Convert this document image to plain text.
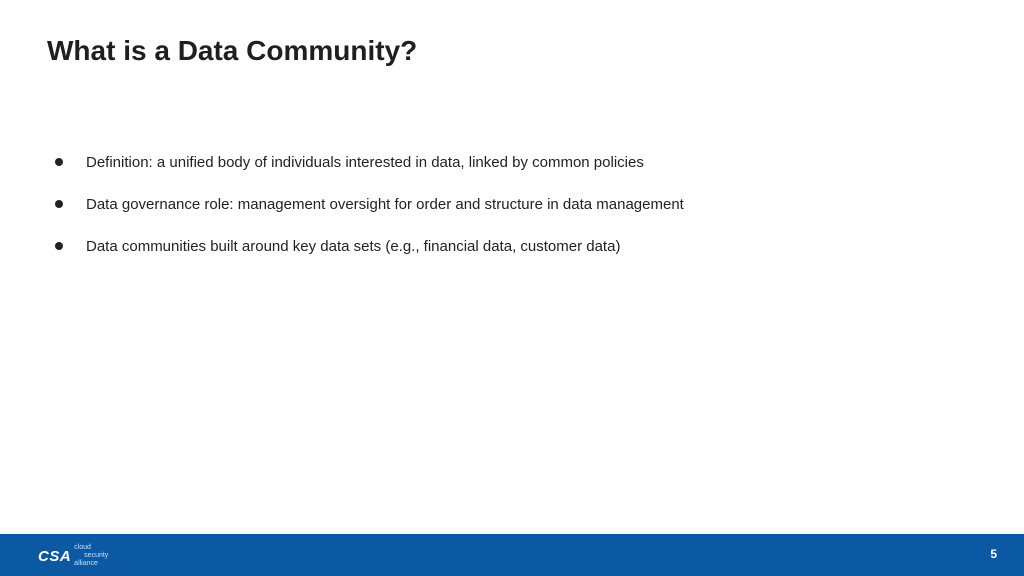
What is a Data Community?
Definition: a unified body of individuals interested in data, linked by common policies
Data governance role: management oversight for order and structure in data management
Data communities built around key data sets (e.g., financial data, customer data)
CSA cloud
security
alliance
5
